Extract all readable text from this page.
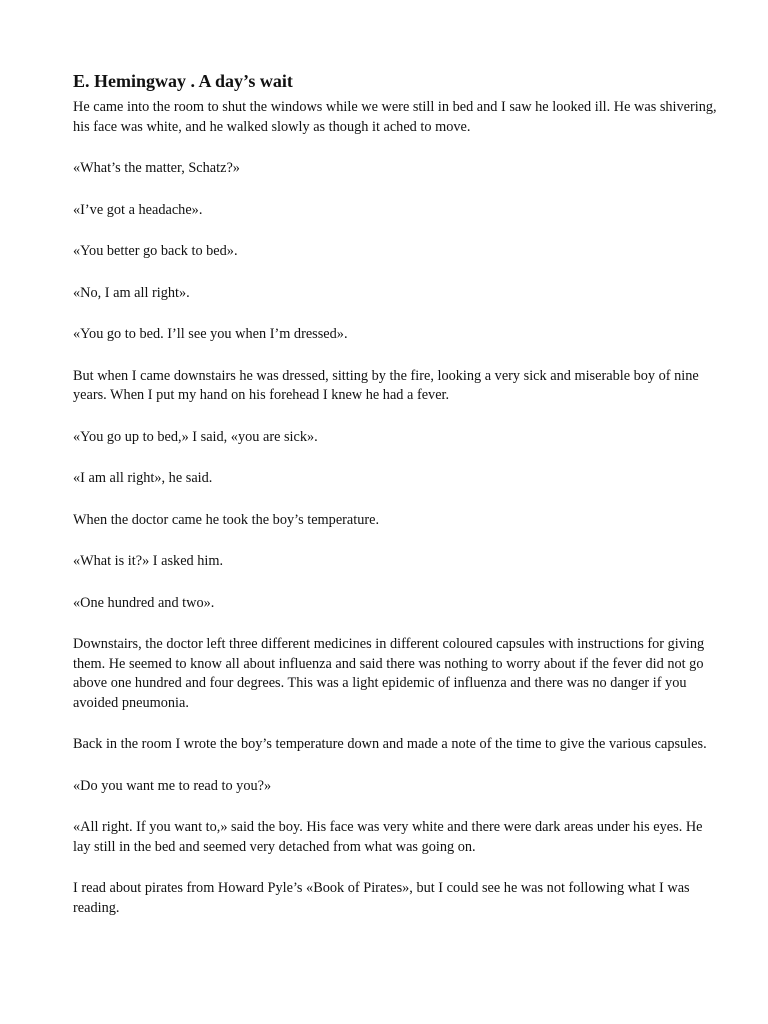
E. Hemingway . A day’s wait

He came into the room to shut the windows while we were still in bed and I saw he looked ill. He was shivering, his face was white, and he walked slowly as though it ached to move.

«What’s the matter, Schatz?»

«I’ve got a headache».

«You better go back to bed».

«No, I am all right».

«You go to bed. I’ll see you when I’m dressed».

But when I came downstairs he was dressed, sitting by the fire, looking a very sick and miserable boy of nine years. When I put my hand on his forehead I knew he had a fever.

«You go up to bed,» I said, «you are sick».

«I am all right», he said.

When the doctor came he took the boy’s temperature.

«What is it?» I asked him.

«One hundred and two».

Downstairs, the doctor left three different medicines in different coloured capsules with instructions for giving them. He seemed to know all about influenza and said there was nothing to worry about if the fever did not go above one hundred and four degrees. This was a light epidemic of influenza and there was no danger if you avoided pneumonia.

Back in the room I wrote the boy’s temperature down and made a note of the time to give the various capsules.

«Do you want me to read to you?»

«All right. If you want to,» said the boy. His face was very white and there were dark areas under his eyes. He lay still in the bed and seemed very detached from what was going on.

I read about pirates from Howard Pyle’s «Book of Pirates», but I could see he was not following what I was reading.
